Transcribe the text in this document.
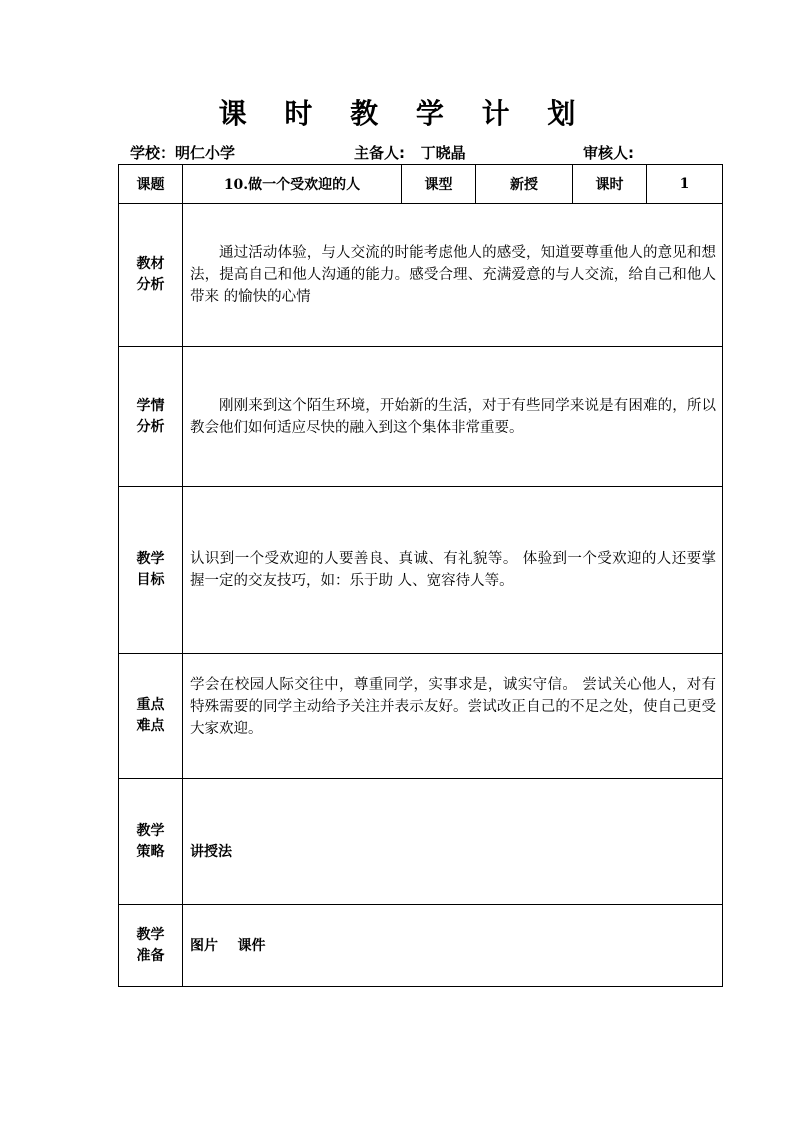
课 时 教 学 计 划
学校：明仁小学	主备人: 丁晓晶	审核人:
课题	10.做一个受欢迎的人	课型	新授	课时	1
教材
分析	通过活动体验，与人交流的时能考虑他人的感受，知道要尊重他人的意见和想法，提高自己和他人沟通的能力。感受合理、充满爱意的与人交流，给自己和他人带来 的愉快的心情				

学情
分析	刚刚来到这个陌生环境，开始新的生活，对于有些同学来说是有困难的，所以教会他们如何适应尽快的融入到这个集体非常重要。				

教学
目标	认识到一个受欢迎的人要善良、真诚、有礼貌等。 体验到一个受欢迎的人还要掌握一定的交友技巧，如：乐于助 人、宽容待人等。				

重点
难点	学会在校园人际交往中，尊重同学，实事求是，诚实守信。 尝试关心他人，对有特殊需要的同学主动给予关注并表示友好。尝试改正自己的不足之处，使自己更受大家欢迎。				

教学
策略	讲授法				

教学
准备	图片    课件				
